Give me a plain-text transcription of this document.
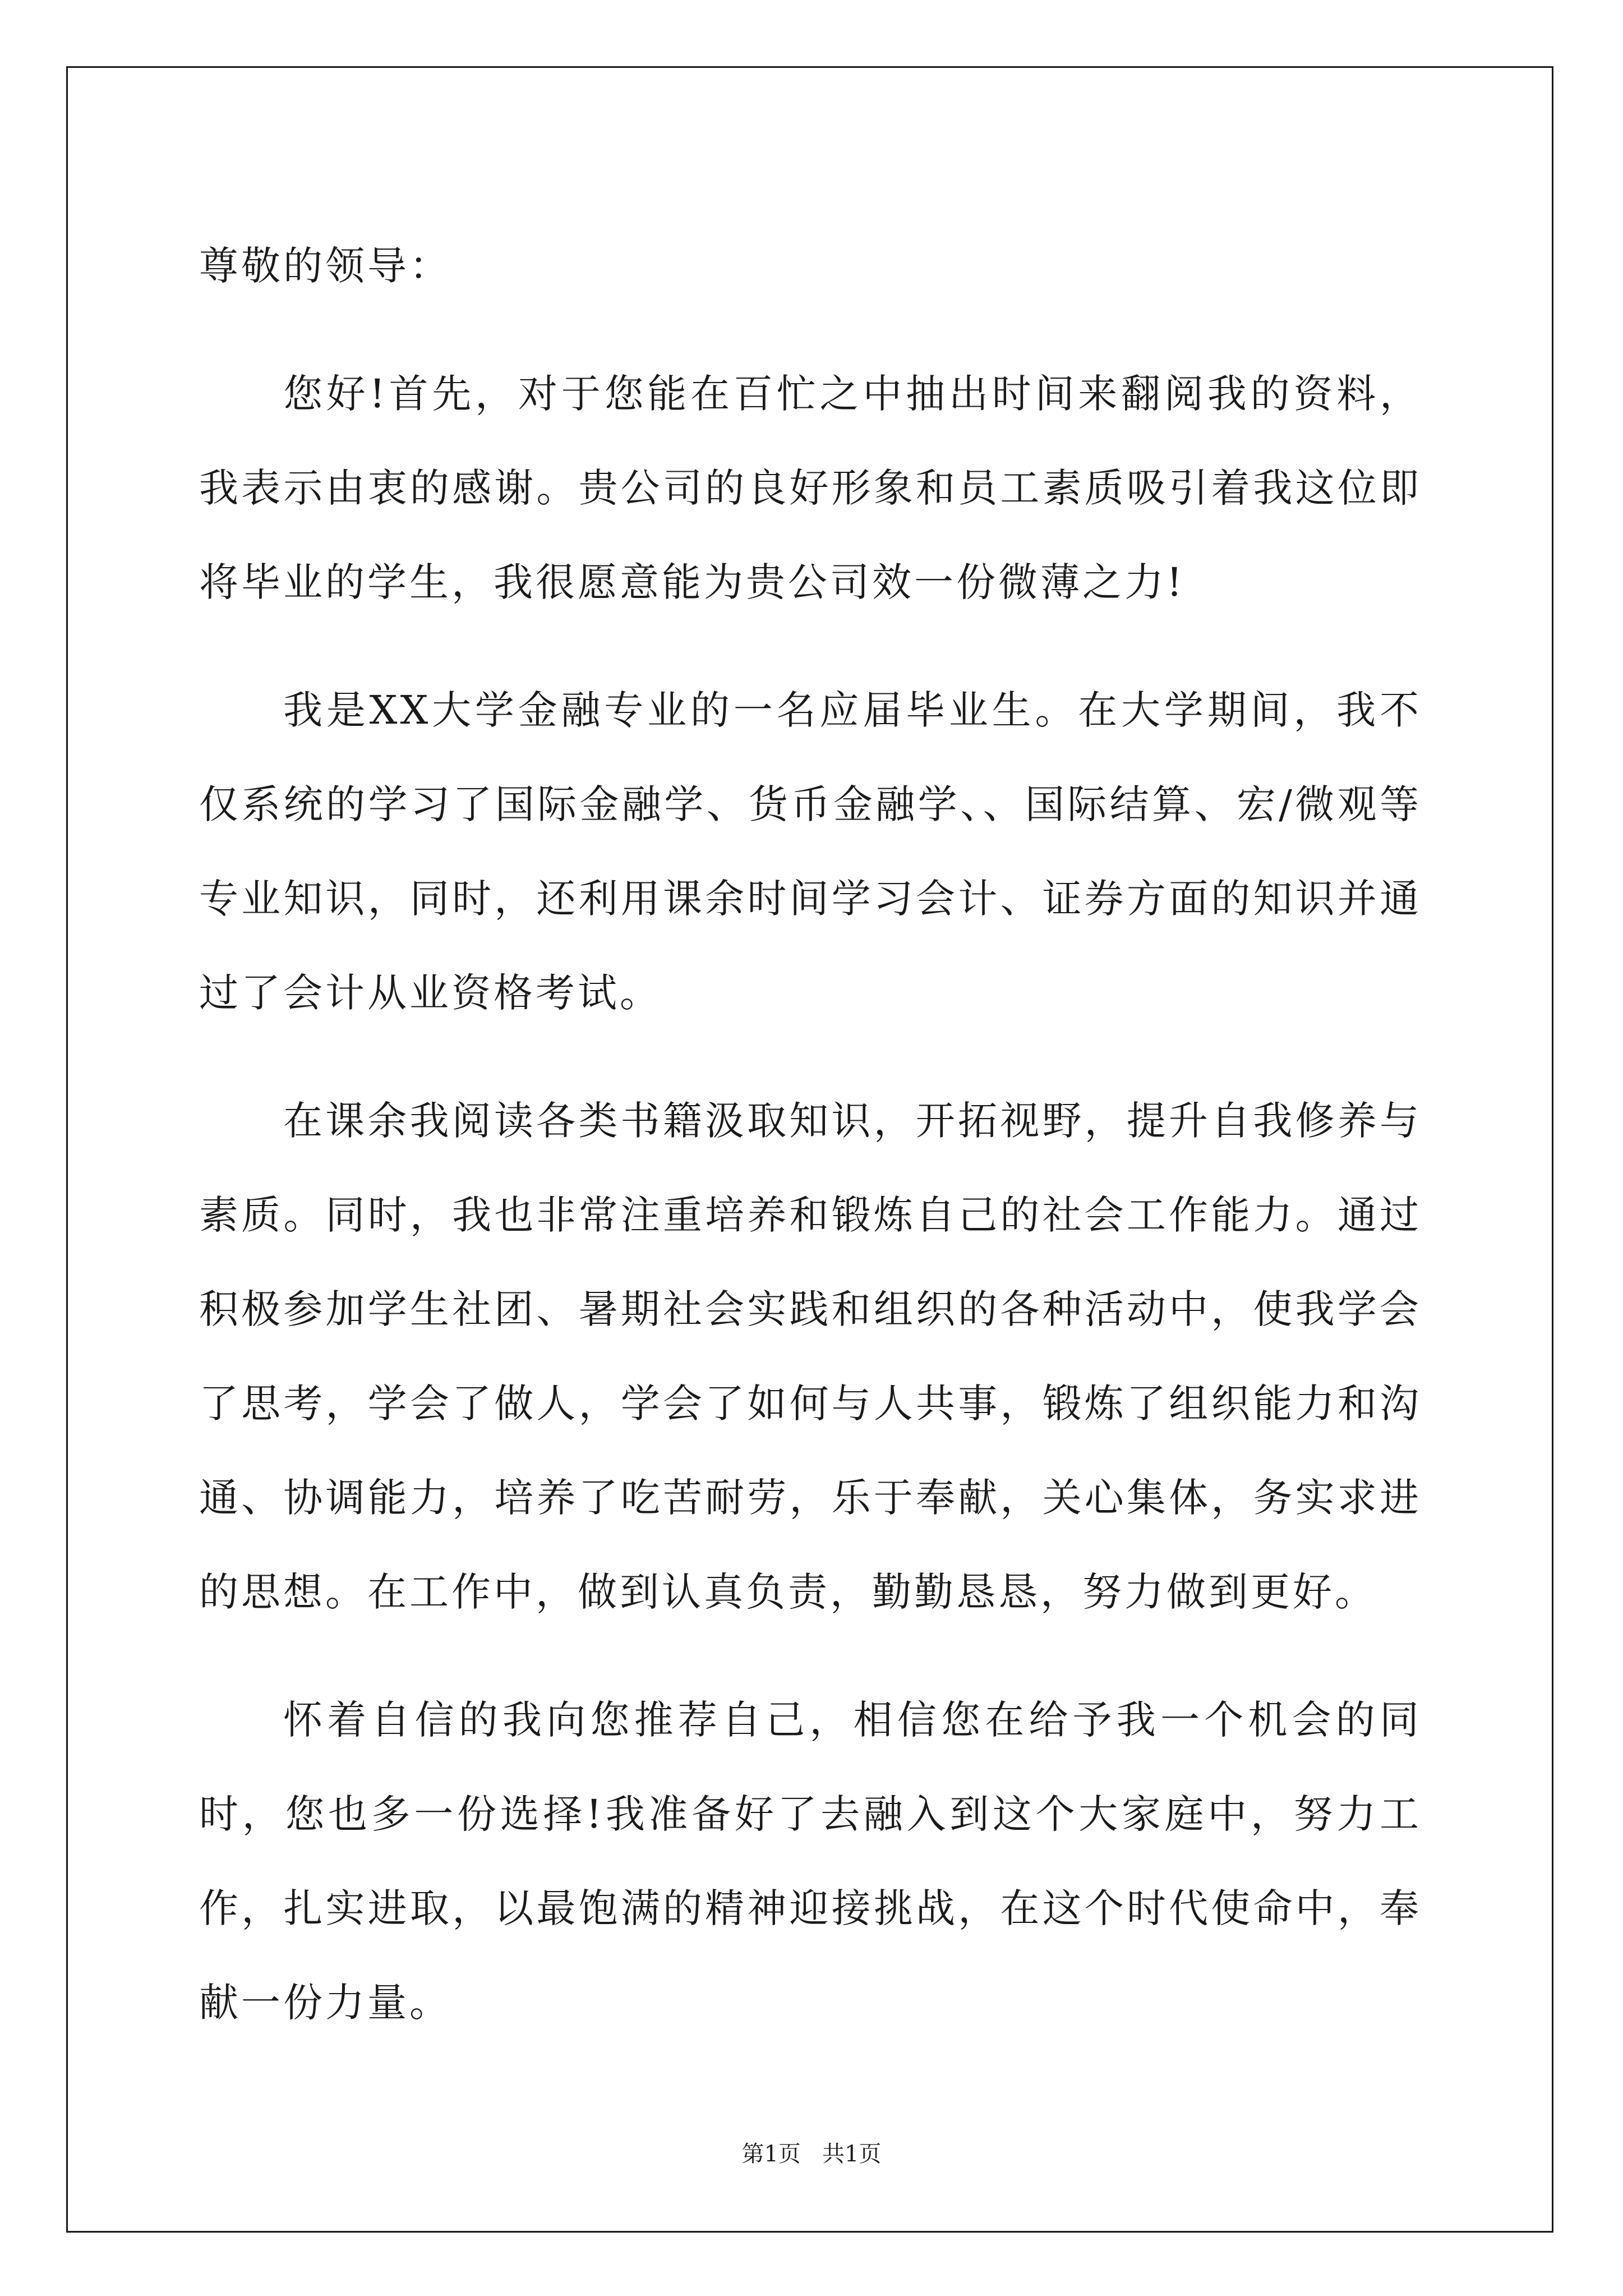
尊敬的领导：

您好!首先，对于您能在百忙之中抽出时间来翻阅我的资料，我表示由衷的感谢。贵公司的良好形象和员工素质吸引着我这位即将毕业的学生，我很愿意能为贵公司效一份微薄之力!

我是XX大学金融专业的一名应届毕业生。在大学期间，我不仅系统的学习了国际金融学、货币金融学、、国际结算、宏/微观等专业知识，同时，还利用课余时间学习会计、证券方面的知识并通过了会计从业资格考试。

在课余我阅读各类书籍汲取知识，开拓视野，提升自我修养与素质。同时，我也非常注重培养和锻炼自己的社会工作能力。通过积极参加学生社团、暑期社会实践和组织的各种活动中，使我学会了思考，学会了做人，学会了如何与人共事，锻炼了组织能力和沟通、协调能力，培养了吃苦耐劳，乐于奉献，关心集体，务实求进的思想。在工作中，做到认真负责，勤勤恳恳，努力做到更好。

怀着自信的我向您推荐自己，相信您在给予我一个机会的同时，您也多一份选择!我准备好了去融入到这个大家庭中，努力工作，扎实进取，以最饱满的精神迎接挑战，在这个时代使命中，奉献一份力量。

第1页   共1页
